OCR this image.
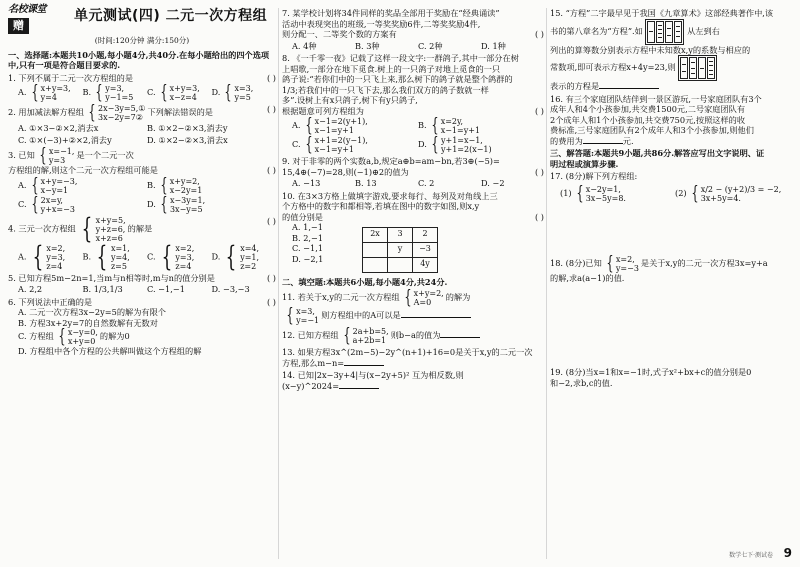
名校课堂
赠
单元测试(四) 二元一次方程组
(时间:120分钟 满分:150分)
一、选择题:本题共10小题,每小题4分,共40分.在每小题给出的四个选项中,只有一项是符合题目要求的.
1. 下列不属于二元一次方程组的是	( )
A. { x+y=3,
y=4
B. { y=3,
y−1=5
C. { x+y=3,
x−z=4
D. { x=3,
y=5
2. 用加减法解方程组 { 2x−3y=5,①
3x−2y=7②
下列解法错误的是	( )
A. ①×3−②×2,消去x	B. ①×2−②×3,消去y
C. ①×(−3)+②×2,消去y	D. ①×2−②×3,消去x
3. 已知 { x=−1,
y=3
是一个二元一次
方程组的解,则这个二元一次方程组可能是	( )
A. { x+y=−3,
x−y=1
B. { x+y=2,
x−2y=1
C. { 2x=y,
y+x=−3
D. { x−3y=1,
3x−y=5
4. 三元一次方程组 { x+y=5,
y+z=6,
x+z=6
的解是
( )
A. { x=2,
y=3,
z=4
B. { x=1,
y=4,
z=5
C. { x=2,
y=3,
z=4
D. { x=4,
y=1,
z=2
5. 已知方程5m−2n=1,当m与n相等时,m与n的值分别是	( )
A. 2,2	B. 1/3,1/3	C. −1,−1	D. −3,−3
6. 下列说法中正确的是	( )
A. 二元一次方程3x−2y=5的解为有限个
B. 方程3x+2y=7的自然数解有无数对
C. 方程组 { x−y=0,
x+y=0
的解为0
D. 方程组中各个方程的公共解叫做这个方程组的解
7. 某学校计划将34件同样的奖品全部用于奖励在“经典诵读”
活动中表现突出的班级,一等奖奖励6件,二等奖奖励4件,
则分配一、二等奖个数的方案有	( )
A. 4种	B. 3种	C. 2种	D. 1种
8. 《一千零一夜》记载了这样一段文字:一群鸽子,其中一部分在树
上唱歌,一部分在地下觅食.树上的一只鸽子对地上觅食的一只
鸽子说:“若你们中的一只飞上来,那么树下的鸽子就是整个鸽群的
1/3;若我们中的一只飞下去,那么我们双方的鸽子数就一样
多”.设树上有x只鸽子,树下有y只鸽子,
根据题意可列方程组为	( )
A. { x−1=2(y+1),
x−1=y+1
B. { x=2y,
x−1=y+1
C. { x+1=2(y−1),
x−1=y+1
D. { y+1=x−1,
y+1=2(x−1)
9. 对于非零的两个实数a,b,规定a⊕b=am−bn,若3⊕(−5)=
15,4⊕(−7)=28,则(−1)⊕2的值为	( )
A. −13	B. 13	C. 2	D. −2
10. 在3×3方格上做填字游戏,要求每行、每列及对角线上三
个方格中的数字和都相等,若填在图中的数字如图,则x,y
的值分别是	( )
A. 1,−1
B. 2,−1
C. −1,1
D. −2,1
2x	3	2
	y	−3
		4y
二、填空题:本题共6小题,每小题4分,共24分.
11. 若关于x,y的二元一次方程组 { x+y=2,
A=0
的解为
{ x=3,
y=−1
则方程组中的A可以是
12. 已知方程组 { 2a+b=5,
a+2b=1
则b−a的值为
13. 如果方程3x^(2m−5)−2y^(n+1)+16=0是关于x,y的二元一次
方程,那么m−n=
14. 已知|2x−3y+4|与(x−2y+5)² 互为相反数,则
(x−y)^2024=
15. “方程”二字最早见于我国《九章算术》这部经典著作中,该
书的第八章名为“方程”.如	从左到右
列出的算筹数分别表示方程中未知数x,y的系数与相应的
常数项,即可表示方程x+4y=23,则
表示的方程是
16. 有三个家庭团队结伴到一景区游玩,一号家庭团队有3个
成年人和4个小孩参加,共交费1500元,二号家庭团队有
2个成年人和1个小孩参加,共交费750元,按照这样的收
费标准,三号家庭团队有2个成年人和3个小孩参加,则他们
的费用为	元.
三、解答题:本题共9小题,共86分.解答应写出文字说明、证
明过程或演算步骤.
17. (8分)解下列方程组:
(1) { x−2y=1,
3x−5y=8.
(2) { x/2 − (y+2)/3 = −2,
3x+5y=4.
18. (8分)已知 { x=2,
y=−3
是关于x,y的二元一次方程3x=y+a
的解,求a(a−1)的值.
19. (8分)当x=1和x=−1时,式子x²+bx+c的值分别是0
和−2,求b,c的值.
数学七下·测试卷 9
